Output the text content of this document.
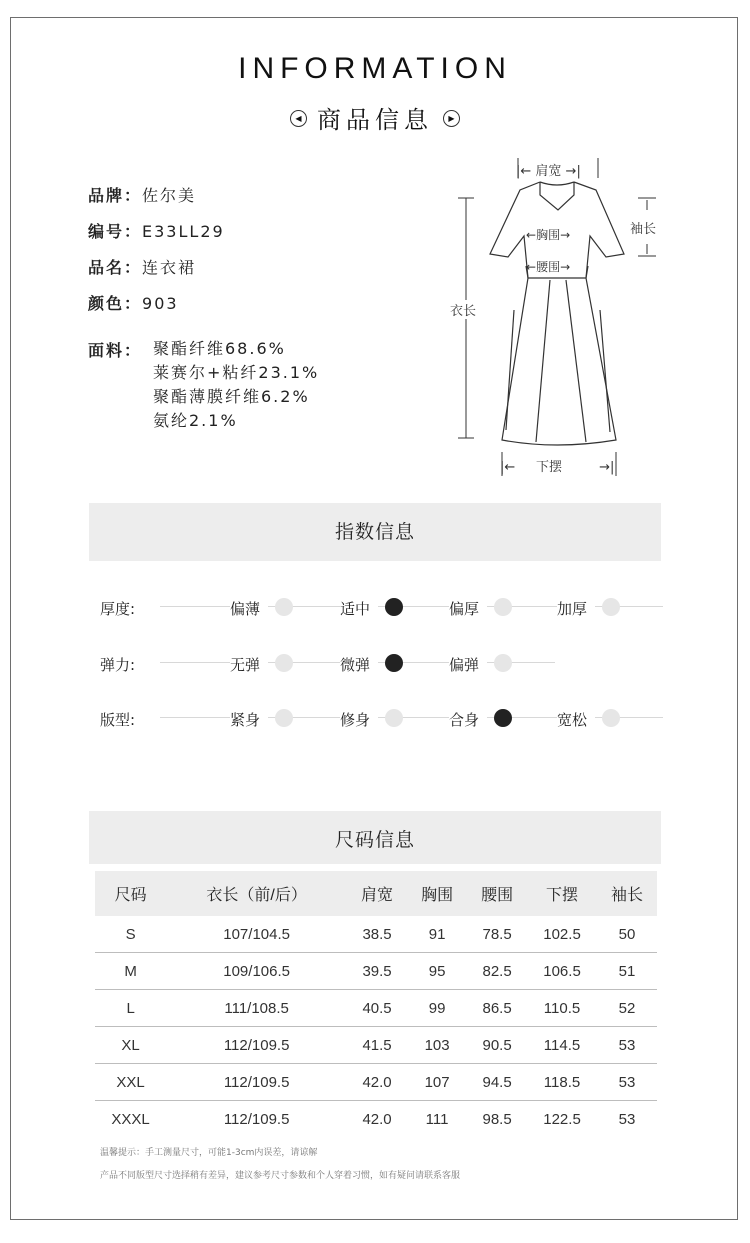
INFORMATION
◀ 商品信息 ▶
品牌：佐尔美
编号：E33LL29
品名：连衣裙
颜色：903
面料： 聚酯纤维68.6%
莱赛尔+粘纤23.1%
聚酯薄膜纤维6.2%
氨纶2.1%
|← 肩宽 →|
袖长
←胸围→
←腰围→
衣长
|←     下摆         →|
指数信息
厚度:	偏薄	适中	偏厚	加厚
弹力:	无弹	微弹	偏弹
版型:	紧身	修身	合身	宽松
尺码信息
尺码	衣长（前/后）	肩宽	胸围	腰围	下摆	袖长
S	107/104.5	38.5	91	78.5	102.5	50
M	109/106.5	39.5	95	82.5	106.5	51
L	111/108.5	40.5	99	86.5	110.5	52
XL	112/109.5	41.5	103	90.5	114.5	53
XXL	112/109.5	42.0	107	94.5	118.5	53
XXXL	112/109.5	42.0	111	98.5	122.5	53
温馨提示：手工测量尺寸，可能1-3cm内误差，请谅解
产品不同版型尺寸选择稍有差异，建议参考尺寸参数和个人穿着习惯，如有疑问请联系客服
